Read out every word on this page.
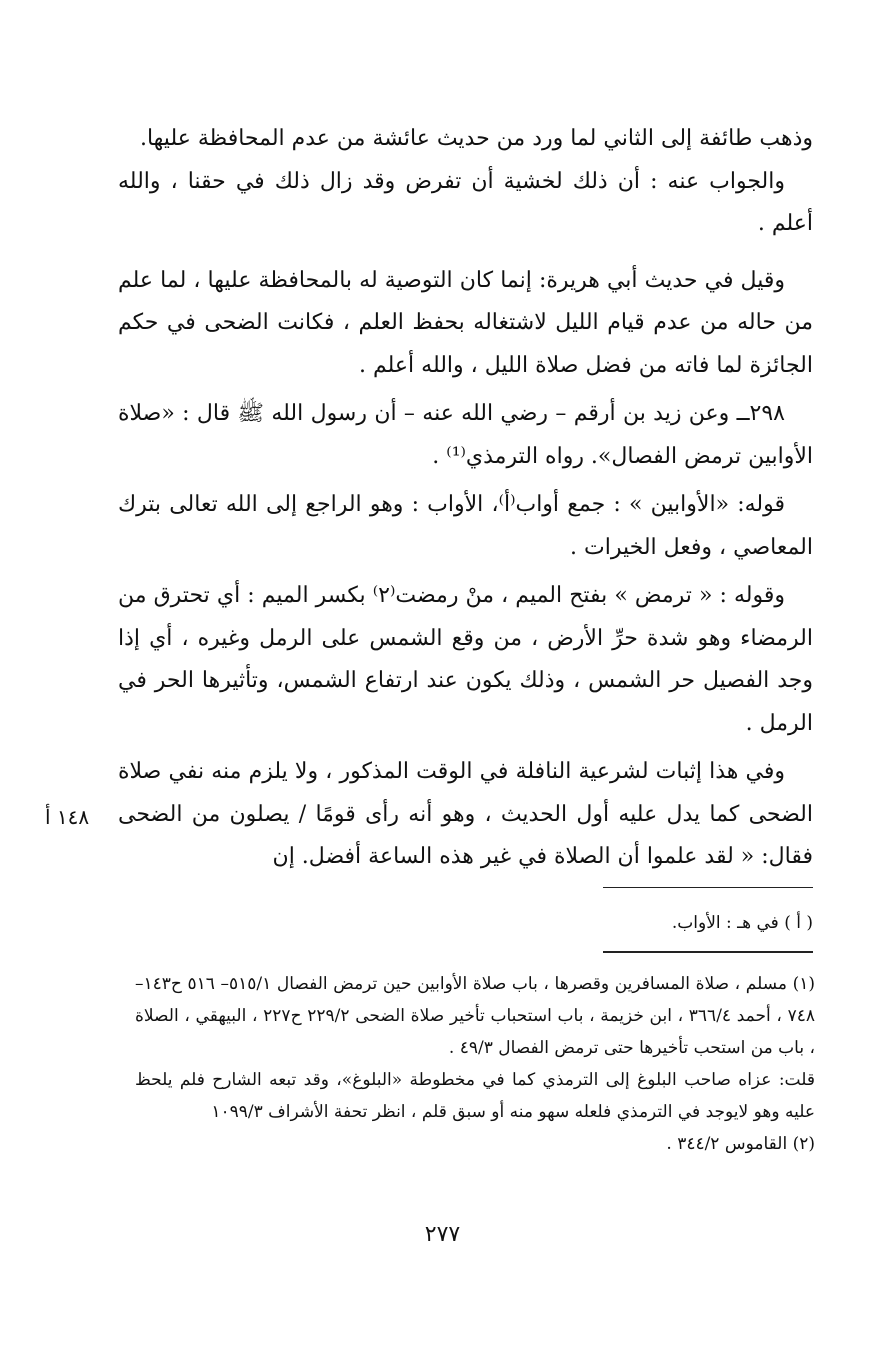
وذهب طائفة إلى الثاني لما ورد من حديث عائشة من عدم المحافظة عليها.

والجواب عنه : أن ذلك لخشية أن تفرض وقد زال ذلك في حقنا ، والله أعلم .

وقيل في حديث أبي هريرة: إنما كان التوصية له بالمحافظة عليها ، لما علم من حاله من عدم قيام الليل لاشتغاله بحفظ العلم ، فكانت الضحى في حكم الجائزة لما فاته من فضل صلاة الليل ، والله أعلم .

٢٩٨ــ وعن زيد بن أرقم – رضي الله عنه – أن رسول الله ﷺ قال : «صلاة الأوابين ترمض الفصال». رواه الترمذي⁽¹⁾ .

قوله: «الأوابين » : جمع أواب⁽أ⁾، الأواب : وهو الراجع إلى الله تعالى بترك المعاصي ، وفعل الخيرات .

وقوله : « ترمض » بفتح الميم ، منْ رمضت⁽٢⁾ بكسر الميم : أي تحترق من الرمضاء وهو شدة حرِّ الأرض ، من وقع الشمس على الرمل وغيره ، أي إذا وجد الفصيل حر الشمس ، وذلك يكون عند ارتفاع الشمس، وتأثيرها الحر في الرمل .

وفي هذا إثبات لشرعية النافلة في الوقت المذكور ، ولا يلزم منه نفي صلاة الضحى كما يدل عليه أول الحديث ، وهو أنه رأى قومًا / يصلون من الضحى فقال: « لقد علموا أن الصلاة في غير هذه الساعة أفضل. إن

١٤٨ أ
( أ ) في هـ : الأواب.

(١) مسلم ، صلاة المسافرين وقصرها ، باب صلاة الأوابين حين ترمض الفصال ٥١٥/١– ٥١٦ ح١٤٣– ٧٤٨ ، أحمد ٣٦٦/٤ ، ابن خزيمة ، باب استحباب تأخير صلاة الضحى ٢٢٩/٢ ح٢٢٧ ، البيهقي ، الصلاة ، باب من استحب تأخيرها حتى ترمض الفصال ٤٩/٣ .

قلت: عزاه صاحب البلوغ إلى الترمذي كما في مخطوطة «البلوغ»، وقد تبعه الشارح فلم يلحظ عليه وهو لايوجد في الترمذي فلعله سهو منه أو سبق قلم ، انظر تحفة الأشراف ١٠٩٩/٣

(٢) القاموس ٣٤٤/٢ .

٢٧٧
